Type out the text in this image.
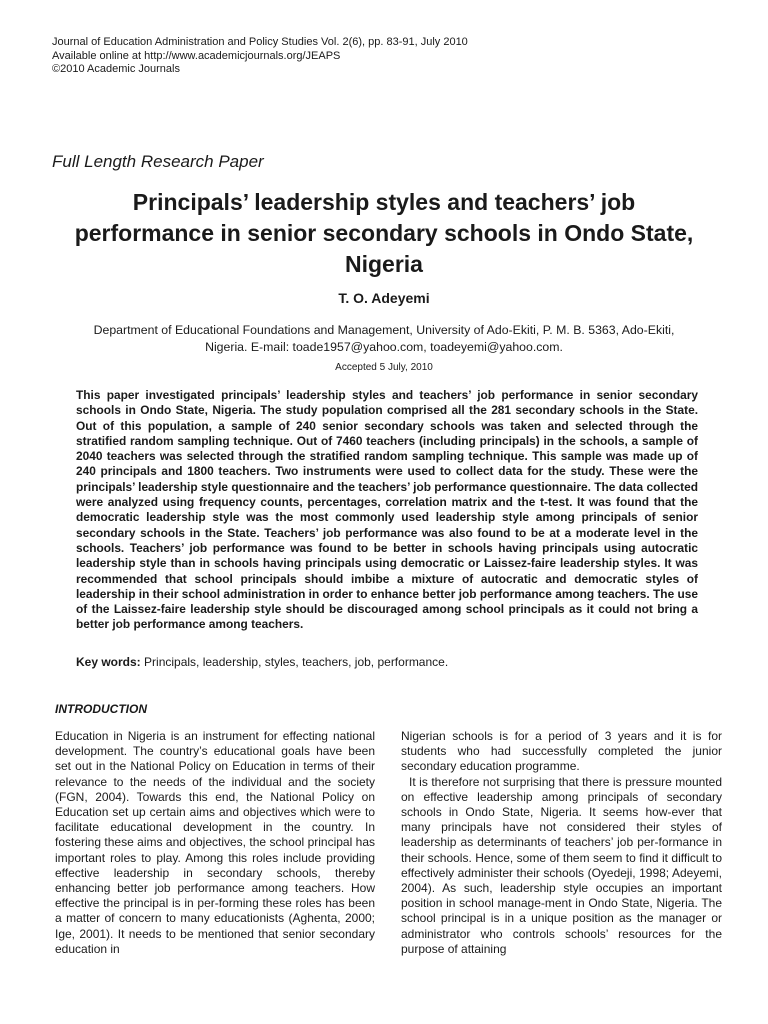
Journal of Education Administration and Policy Studies Vol. 2(6), pp. 83-91, July 2010
Available online at http://www.academicjournals.org/JEAPS
©2010 Academic Journals
Full Length Research Paper
Principals’ leadership styles and teachers’ job performance in senior secondary schools in Ondo State, Nigeria
T. O. Adeyemi
Department of Educational Foundations and Management, University of Ado-Ekiti, P. M. B. 5363, Ado-Ekiti, Nigeria. E-mail: toade1957@yahoo.com, toadeyemi@yahoo.com.
Accepted 5 July, 2010

This paper investigated principals’ leadership styles and teachers’ job performance in senior secondary schools in Ondo State, Nigeria. The study population comprised all the 281 secondary schools in the State. Out of this population, a sample of 240 senior secondary schools was taken and selected through the stratified random sampling technique. Out of 7460 teachers (including principals) in the schools, a sample of 2040 teachers was selected through the stratified random sampling technique. This sample was made up of 240 principals and 1800 teachers. Two instruments were used to collect data for the study. These were the principals’ leadership style questionnaire and the teachers’ job performance questionnaire. The data collected were analyzed using frequency counts, percentages, correlation matrix and the t-test. It was found that the democratic leadership style was the most commonly used leadership style among principals of senior secondary schools in the State. Teachers’ job performance was also found to be at a moderate level in the schools. Teachers’ job performance was found to be better in schools having principals using autocratic leadership style than in schools having principals using democratic or Laissez-faire leadership styles. It was recommended that school principals should imbibe a mixture of autocratic and democratic styles of leadership in their school administration in order to enhance better job performance among teachers. The use of the Laissez-faire leadership style should be discouraged among school principals as it could not bring a better job performance among teachers.

Key words: Principals, leadership, styles, teachers, job, performance.
INTRODUCTION

Education in Nigeria is an instrument for effecting national development. The country’s educational goals have been set out in the National Policy on Education in terms of their relevance to the needs of the individual and the society (FGN, 2004). Towards this end, the National Policy on Education set up certain aims and objectives which were to facilitate educational development in the country. In fostering these aims and objectives, the school principal has important roles to play. Among this roles include providing effective leadership in secondary schools, thereby enhancing better job performance among teachers. How effective the principal is in per-forming these roles has been a matter of concern to many educationists (Aghenta, 2000; Ige, 2001). It needs to be mentioned that senior secondary education in

Nigerian schools is for a period of 3 years and it is for students who had successfully completed the junior secondary education programme.

It is therefore not surprising that there is pressure mounted on effective leadership among principals of secondary schools in Ondo State, Nigeria. It seems how-ever that many principals have not considered their styles of leadership as determinants of teachers’ job per-formance in their schools. Hence, some of them seem to find it difficult to effectively administer their schools (Oyedeji, 1998; Adeyemi, 2004). As such, leadership style occupies an important position in school manage-ment in Ondo State, Nigeria. The school principal is in a unique position as the manager or administrator who controls schools’ resources for the purpose of attaining
